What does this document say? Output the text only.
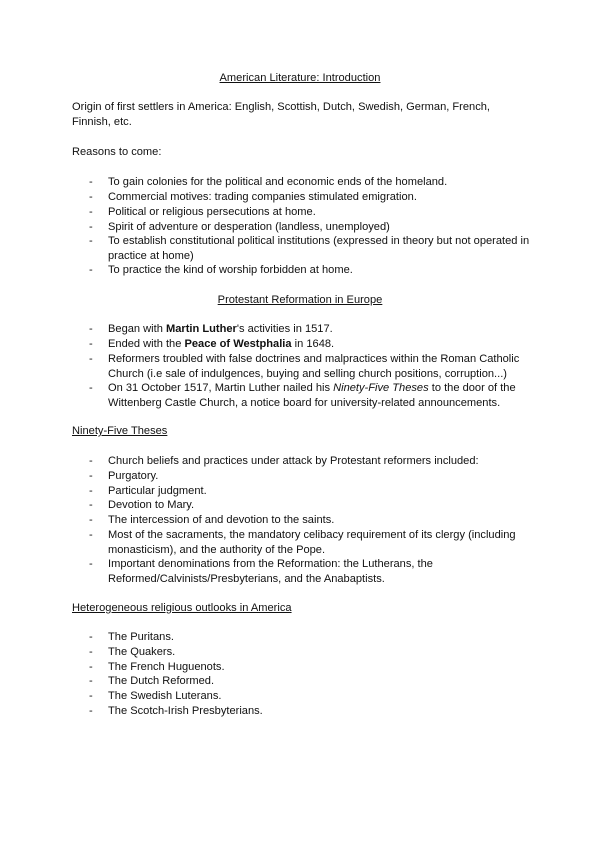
American Literature: Introduction
Origin of first settlers in America: English, Scottish, Dutch, Swedish, German, French, Finnish, etc.
Reasons to come:
- To gain colonies for the political and economic ends of the homeland.
- Commercial motives: trading companies stimulated emigration.
- Political or religious persecutions at home.
- Spirit of adventure or desperation (landless, unemployed)
- To establish constitutional political institutions (expressed in theory but not operated in practice at home)
- To practice the kind of worship forbidden at home.
Protestant Reformation in Europe
- Began with Martin Luther's activities in 1517.
- Ended with the Peace of Westphalia in 1648.
- Reformers troubled with false doctrines and malpractices within the Roman Catholic Church (i.e sale of indulgences, buying and selling church positions, corruption...)
- On 31 October 1517, Martin Luther nailed his Ninety-Five Theses to the door of the Wittenberg Castle Church, a notice board for university-related announcements.
Ninety-Five Theses
- Church beliefs and practices under attack by Protestant reformers included:
- Purgatory.
- Particular judgment.
- Devotion to Mary.
- The intercession of and devotion to the saints.
- Most of the sacraments, the mandatory celibacy requirement of its clergy (including monasticism), and the authority of the Pope.
- Important denominations from the Reformation: the Lutherans, the Reformed/Calvinists/Presbyterians, and the Anabaptists.
Heterogeneous religious outlooks in America
- The Puritans.
- The Quakers.
- The French Huguenots.
- The Dutch Reformed.
- The Swedish Luterans.
- The Scotch-Irish Presbyterians.
